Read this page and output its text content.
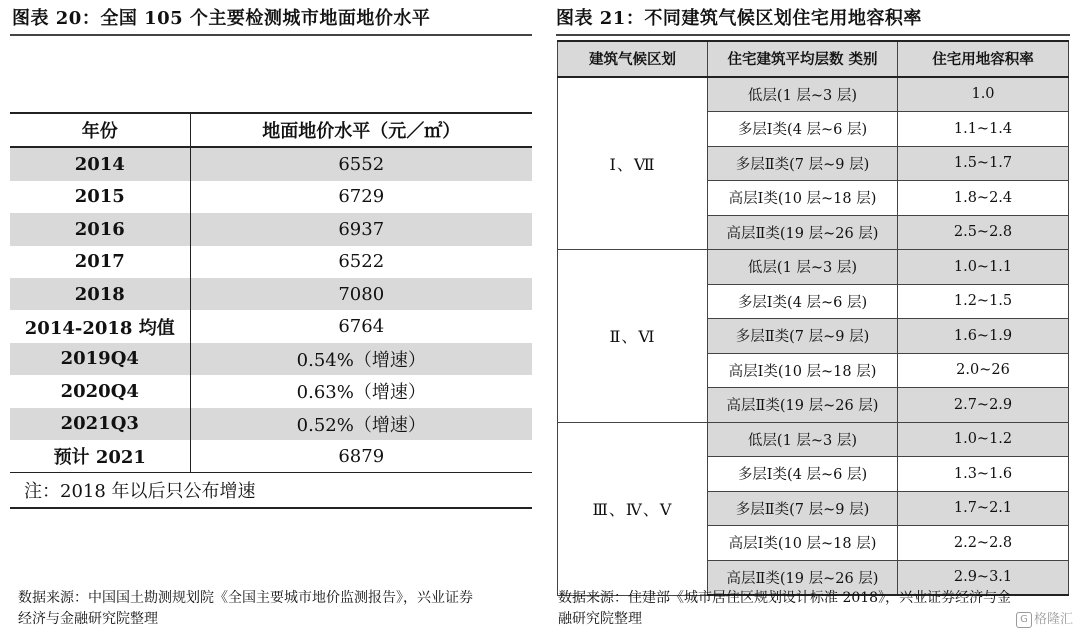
图表 20：全国 105 个主要检测城市地面地价水平
年份	地面地价水平（元／㎡）
2014	6552
2015	6729
2016	6937
2017	6522
2018	7080
2014-2018 均值	6764
2019Q4	0.54%（增速）
2020Q4	0.63%（增速）
2021Q3	0.52%（增速）
预计 2021	6879
注：2018 年以后只公布增速	
数据来源：中国国土勘测规划院《全国主要城市地价监测报告》，兴业证券
经济与金融研究院整理
图表 21：不同建筑气候区划住宅用地容积率
建筑气候区划	住宅建筑平均层数 类别	住宅用地容积率
Ⅰ、Ⅶ	低层(1 层~3 层)	1.0
	多层Ⅰ类(4 层~6 层)	1.1~1.4
	多层Ⅱ类(7 层~9 层)	1.5~1.7
	高层Ⅰ类(10 层~18 层)	1.8~2.4
	高层Ⅱ类(19 层~26 层)	2.5~2.8
Ⅱ、Ⅵ	低层(1 层~3 层)	1.0~1.1
	多层Ⅰ类(4 层~6 层)	1.2~1.5
	多层Ⅱ类(7 层~9 层)	1.6~1.9
	高层Ⅰ类(10 层~18 层)	2.0~26
	高层Ⅱ类(19 层~26 层)	2.7~2.9
Ⅲ、Ⅳ、Ⅴ	低层(1 层~3 层)	1.0~1.2
	多层Ⅰ类(4 层~6 层)	1.3~1.6
	多层Ⅱ类(7 层~9 层)	1.7~2.1
	高层Ⅰ类(10 层~18 层)	2.2~2.8
	高层Ⅱ类(19 层~26 层)	2.9~3.1
数据来源：住建部《城市居住区规划设计标准 2018》，兴业证券经济与金
融研究院整理	G 格隆汇
